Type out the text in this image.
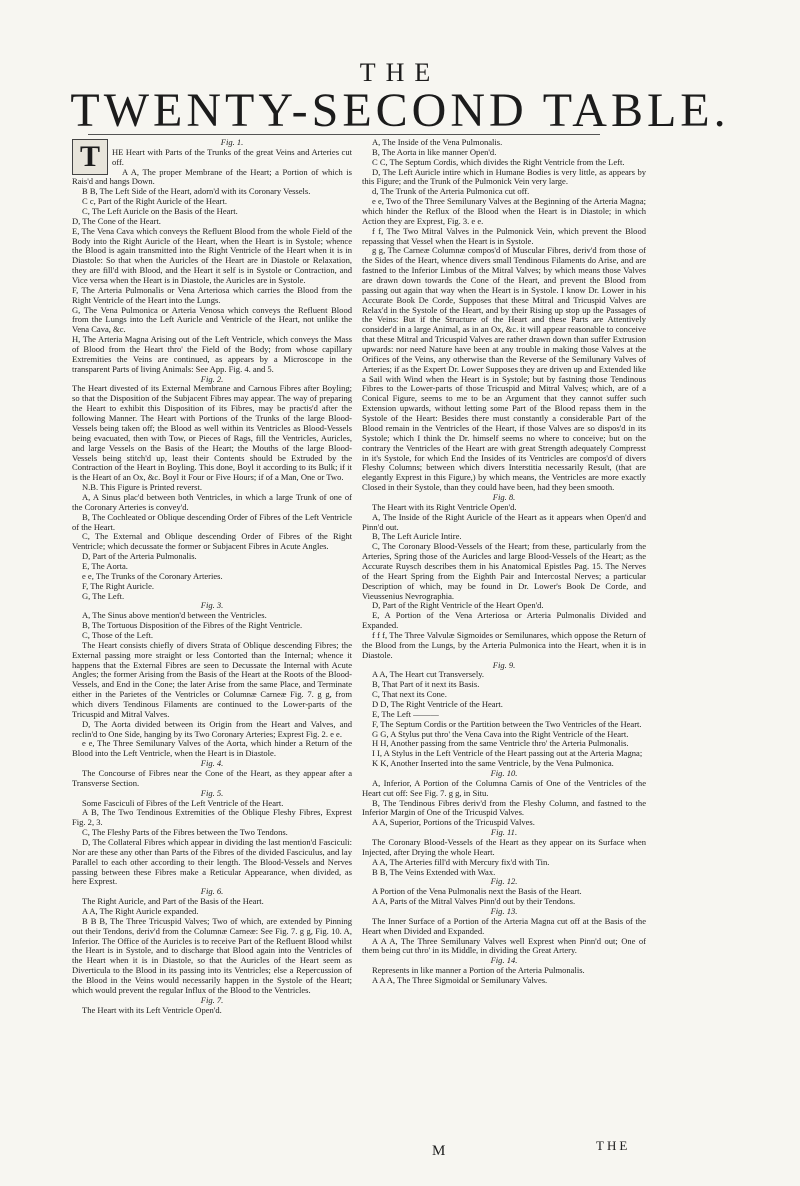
THE
TWENTY-SECOND TABLE.
T	Fig. 1.

HE Heart with Parts of the Trunks of the great Veins and Arteries cut off.

A A, The proper Membrane of the Heart; a Portion of which is Rais'd and hangs Down.

B B, The Left Side of the Heart, adorn'd with its Coronary Vessels.

C c, Part of the Right Auricle of the Heart.

C, The Left Auricle on the Basis of the Heart.

D, The Cone of the Heart.

E, The Vena Cava which conveys the Refluent Blood from the whole Field of the Body into the Right Auricle of the Heart, when the Heart is in Systole; whence the Blood is again transmitted into the Right Ventricle of the Heart when it is in Diastole: So that when the Auricles of the Heart are in Diastole or Relaxation, they are fill'd with Blood, and the Heart it self is in Systole or Contraction, and Vice versa when the Heart is in Diastole, the Auricles are in Systole.

F, The Arteria Pulmonalis or Vena Arteriosa which carries the Blood from the Right Ventricle of the Heart into the Lungs.

G, The Vena Pulmonica or Arteria Venosa which conveys the Refluent Blood from the Lungs into the Left Auricle and Ventricle of the Heart, not unlike the Vena Cava, &c.

H, The Arteria Magna Arising out of the Left Ventricle, which conveys the Mass of Blood from the Heart thro' the Field of the Body; from whose capillary Extremities the Veins are continued, as appears by a Microscope in the transparent Parts of living Animals: See App. Fig. 4. and 5.

Fig. 2.

The Heart divested of its External Membrane and Carnous Fibres after Boyling; so that the Disposition of the Subjacent Fibres may appear. The way of preparing the Heart to exhibit this Disposition of its Fibres, may be practis'd after the following Manner. The Heart with Portions of the Trunks of the large Blood-Vessels being taken off; the Blood as well within its Ventricles as Blood-Vessels being evacuated, then with Tow, or Pieces of Rags, fill the Ventricles, Auricles, and large Vessels on the Basis of the Heart; the Mouths of the large Blood-Vessels being stitch'd up, least their Contents should be Extruded by the Contraction of the Heart in Boyling. This done, Boyl it according to its Bulk; if it is the Heart of an Ox, &c. Boyl it Four or Five Hours; if of a Man, One or Two.

N.B. This Figure is Printed reverst.

A, A Sinus plac'd between both Ventricles, in which a large Trunk of one of the Coronary Arteries is convey'd.

B, The Cochleated or Oblique descending Order of Fibres of the Left Ventricle of the Heart.

C, The External and Oblique descending Order of Fibres of the Right Ventricle; which decussate the former or Subjacent Fibres in Acute Angles.

D, Part of the Arteria Pulmonalis.

E, The Aorta.

e e, The Trunks of the Coronary Arteries.

F, The Right Auricle.

G, The Left.

Fig. 3.

A, The Sinus above mention'd between the Ventricles.

B, The Tortuous Disposition of the Fibres of the Right Ventricle.

C, Those of the Left.

The Heart consists chiefly of divers Strata of Oblique descending Fibres; the External passing more straight or less Contorted than the Internal; whence it happens that the External Fibres are seen to Decussate the Internal with Acute Angles; the former Arising from the Basis of the Heart at the Roots of the Blood-Vessels, and End in the Cone; the later Arise from the same Place, and Terminate either in the Parietes of the Ventricles or Columnæ Carneæ Fig. 7. g g, from which divers Tendinous Filaments are continued to the Lower-parts of the Tricuspid and Mitral Valves.

D, The Aorta divided between its Origin from the Heart and Valves, and reclin'd to One Side, hanging by its Two Coronary Arteries; Exprest Fig. 2. e e.

e e, The Three Semilunary Valves of the Aorta, which hinder a Return of the Blood into the Left Ventricle, when the Heart is in Diastole.

Fig. 4.

The Concourse of Fibres near the Cone of the Heart, as they appear after a Transverse Section.

Fig. 5.

Some Fasciculi of Fibres of the Left Ventricle of the Heart.

A B, The Two Tendinous Extremities of the Oblique Fleshy Fibres, Exprest Fig. 2, 3.

C, The Fleshy Parts of the Fibres between the Two Tendons.

D, The Collateral Fibres which appear in dividing the last mention'd Fasciculi: Nor are these any other than Parts of the Fibres of the divided Fasciculus, and lay Parallel to each other according to their length. The Blood-Vessels and Nerves passing between these Fibres make a Reticular Appearance, when divided, as here Exprest.

Fig. 6.

The Right Auricle, and Part of the Basis of the Heart.

A A, The Right Auricle expanded.

B B B, The Three Tricuspid Valves; Two of which, are extended by Pinning out their Tendons, deriv'd from the Columnæ Carneæ: See Fig. 7. g g, Fig. 10. A, Inferior. The Office of the Auricles is to receive Part of the Refluent Blood whilst the Heart is in Systole, and to discharge that Blood again into the Ventricles of the Heart when it is in Diastole, so that the Auricles of the Heart seem as Diverticula to the Blood in its passing into its Ventricles; else a Repercussion of the Blood in the Veins would necessarily happen in the Systole of the Heart; which would prevent the regular Influx of the Blood to the Ventricles.

Fig. 7.

The Heart with its Left Ventricle Open'd.

A, The Inside of the Vena Pulmonalis.

B, The Aorta in like manner Open'd.

C C, The Septum Cordis, which divides the Right Ventricle from the Left.

D, The Left Auricle intire which in Humane Bodies is very little, as appears by this Figure; and the Trunk of the Pulmonick Vein very large.

d, The Trunk of the Arteria Pulmonica cut off.

e e, Two of the Three Semilunary Valves at the Beginning of the Arteria Magna; which hinder the Reflux of the Blood when the Heart is in Diastole; in which Action they are Exprest, Fig. 3. e e.

f f, The Two Mitral Valves in the Pulmonick Vein, which prevent the Blood repassing that Vessel when the Heart is in Systole.

g g, The Carneæ Columnæ compos'd of Muscular Fibres, deriv'd from those of the Sides of the Heart, whence divers small Tendinous Filaments do Arise, and are fastned to the Inferior Limbus of the Mitral Valves; by which means those Valves are drawn down towards the Cone of the Heart, and prevent the Blood from passing out again that way when the Heart is in Systole. I know Dr. Lower in his Accurate Book De Corde, Supposes that these Mitral and Tricuspid Valves are Relax'd in the Systole of the Heart, and by their Rising up stop up the Passages of the Veins: But if the Structure of the Heart and these Parts are Attentively consider'd in a large Animal, as in an Ox, &c. it will appear reasonable to conceive that these Mitral and Tricuspid Valves are rather drawn down than suffer Extrusion upwards: nor need Nature have been at any trouble in making those Valves at the Orifices of the Veins, any otherwise than the Reverse of the Semilunary Valves of Arteries; if as the Expert Dr. Lower Supposes they are driven up and Extended like a Sail with Wind when the Heart is in Systole; but by fastning those Tendinous Fibres to the Lower-parts of those Tricuspid and Mitral Valves; which, are of a Conical Figure, seems to me to be an Argument that they cannot suffer such Extension upwards, without letting some Part of the Blood repass them in the Systole of the Heart: Besides there must constantly a considerable Part of the Blood remain in the Ventricles of the Heart, if those Valves are so dispos'd in its Systole; which I think the Dr. himself seems no where to conceive; but on the contrary the Ventricles of the Heart are with great Strength adequately Compresst in it's Systole, for which End the Insides of its Ventricles are compos'd of divers Fleshy Columns; between which divers Interstitia necessarily Result, (that are elegantly Exprest in this Figure,) by which means, the Ventricles are more exactly Closed in their Systole, than they could have been, had they been smooth.

Fig. 8.

The Heart with its Right Ventricle Open'd.

A, The Inside of the Right Auricle of the Heart as it appears when Open'd and Pinn'd out.

B, The Left Auricle Intire.

C, The Coronary Blood-Vessels of the Heart; from these, particularly from the Arteries, Spring those of the Auricles and large Blood-Vessels of the Heart; as the Accurate Ruysch describes them in his Anatomical Epistles Pag. 15. The Nerves of the Heart Spring from the Eighth Pair and Intercostal Nerves; a particular Description of which, may be found in Dr. Lower's Book De Corde, and Vieussenius Nevrographia.

D, Part of the Right Ventricle of the Heart Open'd.

E, A Portion of the Vena Arteriosa or Arteria Pulmonalis Divided and Expanded.

f f f, The Three Valvulæ Sigmoides or Semilunares, which oppose the Return of the Blood from the Lungs, by the Arteria Pulmonica into the Heart, when it is in Diastole.

Fig. 9.

A A, The Heart cut Transversely.

B, That Part of it next its Basis.

C, That next its Cone.

D D, The Right Ventricle of the Heart.

E, The Left ———

F, The Septum Cordis or the Partition between the Two Ventricles of the Heart.

G G, A Stylus put thro' the Vena Cava into the Right Ventricle of the Heart.

H H, Another passing from the same Ventricle thro' the Arteria Pulmonalis.

I I, A Stylus in the Left Ventricle of the Heart passing out at the Arteria Magna;

K K, Another Inserted into the same Ventricle, by the Vena Pulmonica.

Fig. 10.

A, Inferior, A Portion of the Columna Carnis of One of the Ventricles of the Heart cut off: See Fig. 7. g g, in Situ.

B, The Tendinous Fibres deriv'd from the Fleshy Column, and fastned to the Inferior Margin of One of the Tricuspid Valves.

A A, Superior, Portions of the Tricuspid Valves.

Fig. 11.

The Coronary Blood-Vessels of the Heart as they appear on its Surface when Injected, after Drying the whole Heart.

A A, The Arteries fill'd with Mercury fix'd with Tin.

B B, The Veins Extended with Wax.

Fig. 12.

A Portion of the Vena Pulmonalis next the Basis of the Heart.

A A, Parts of the Mitral Valves Pinn'd out by their Tendons.

Fig. 13.

The Inner Surface of a Portion of the Arteria Magna cut off at the Basis of the Heart when Divided and Expanded.

A A A, The Three Semilunary Valves well Exprest when Pinn'd out; One of them being cut thro' in its Middle, in dividing the Great Artery.

Fig. 14.

Represents in like manner a Portion of the Arteria Pulmonalis.

A A A, The Three Sigmoidal or Semilunary Valves.

M	THE
